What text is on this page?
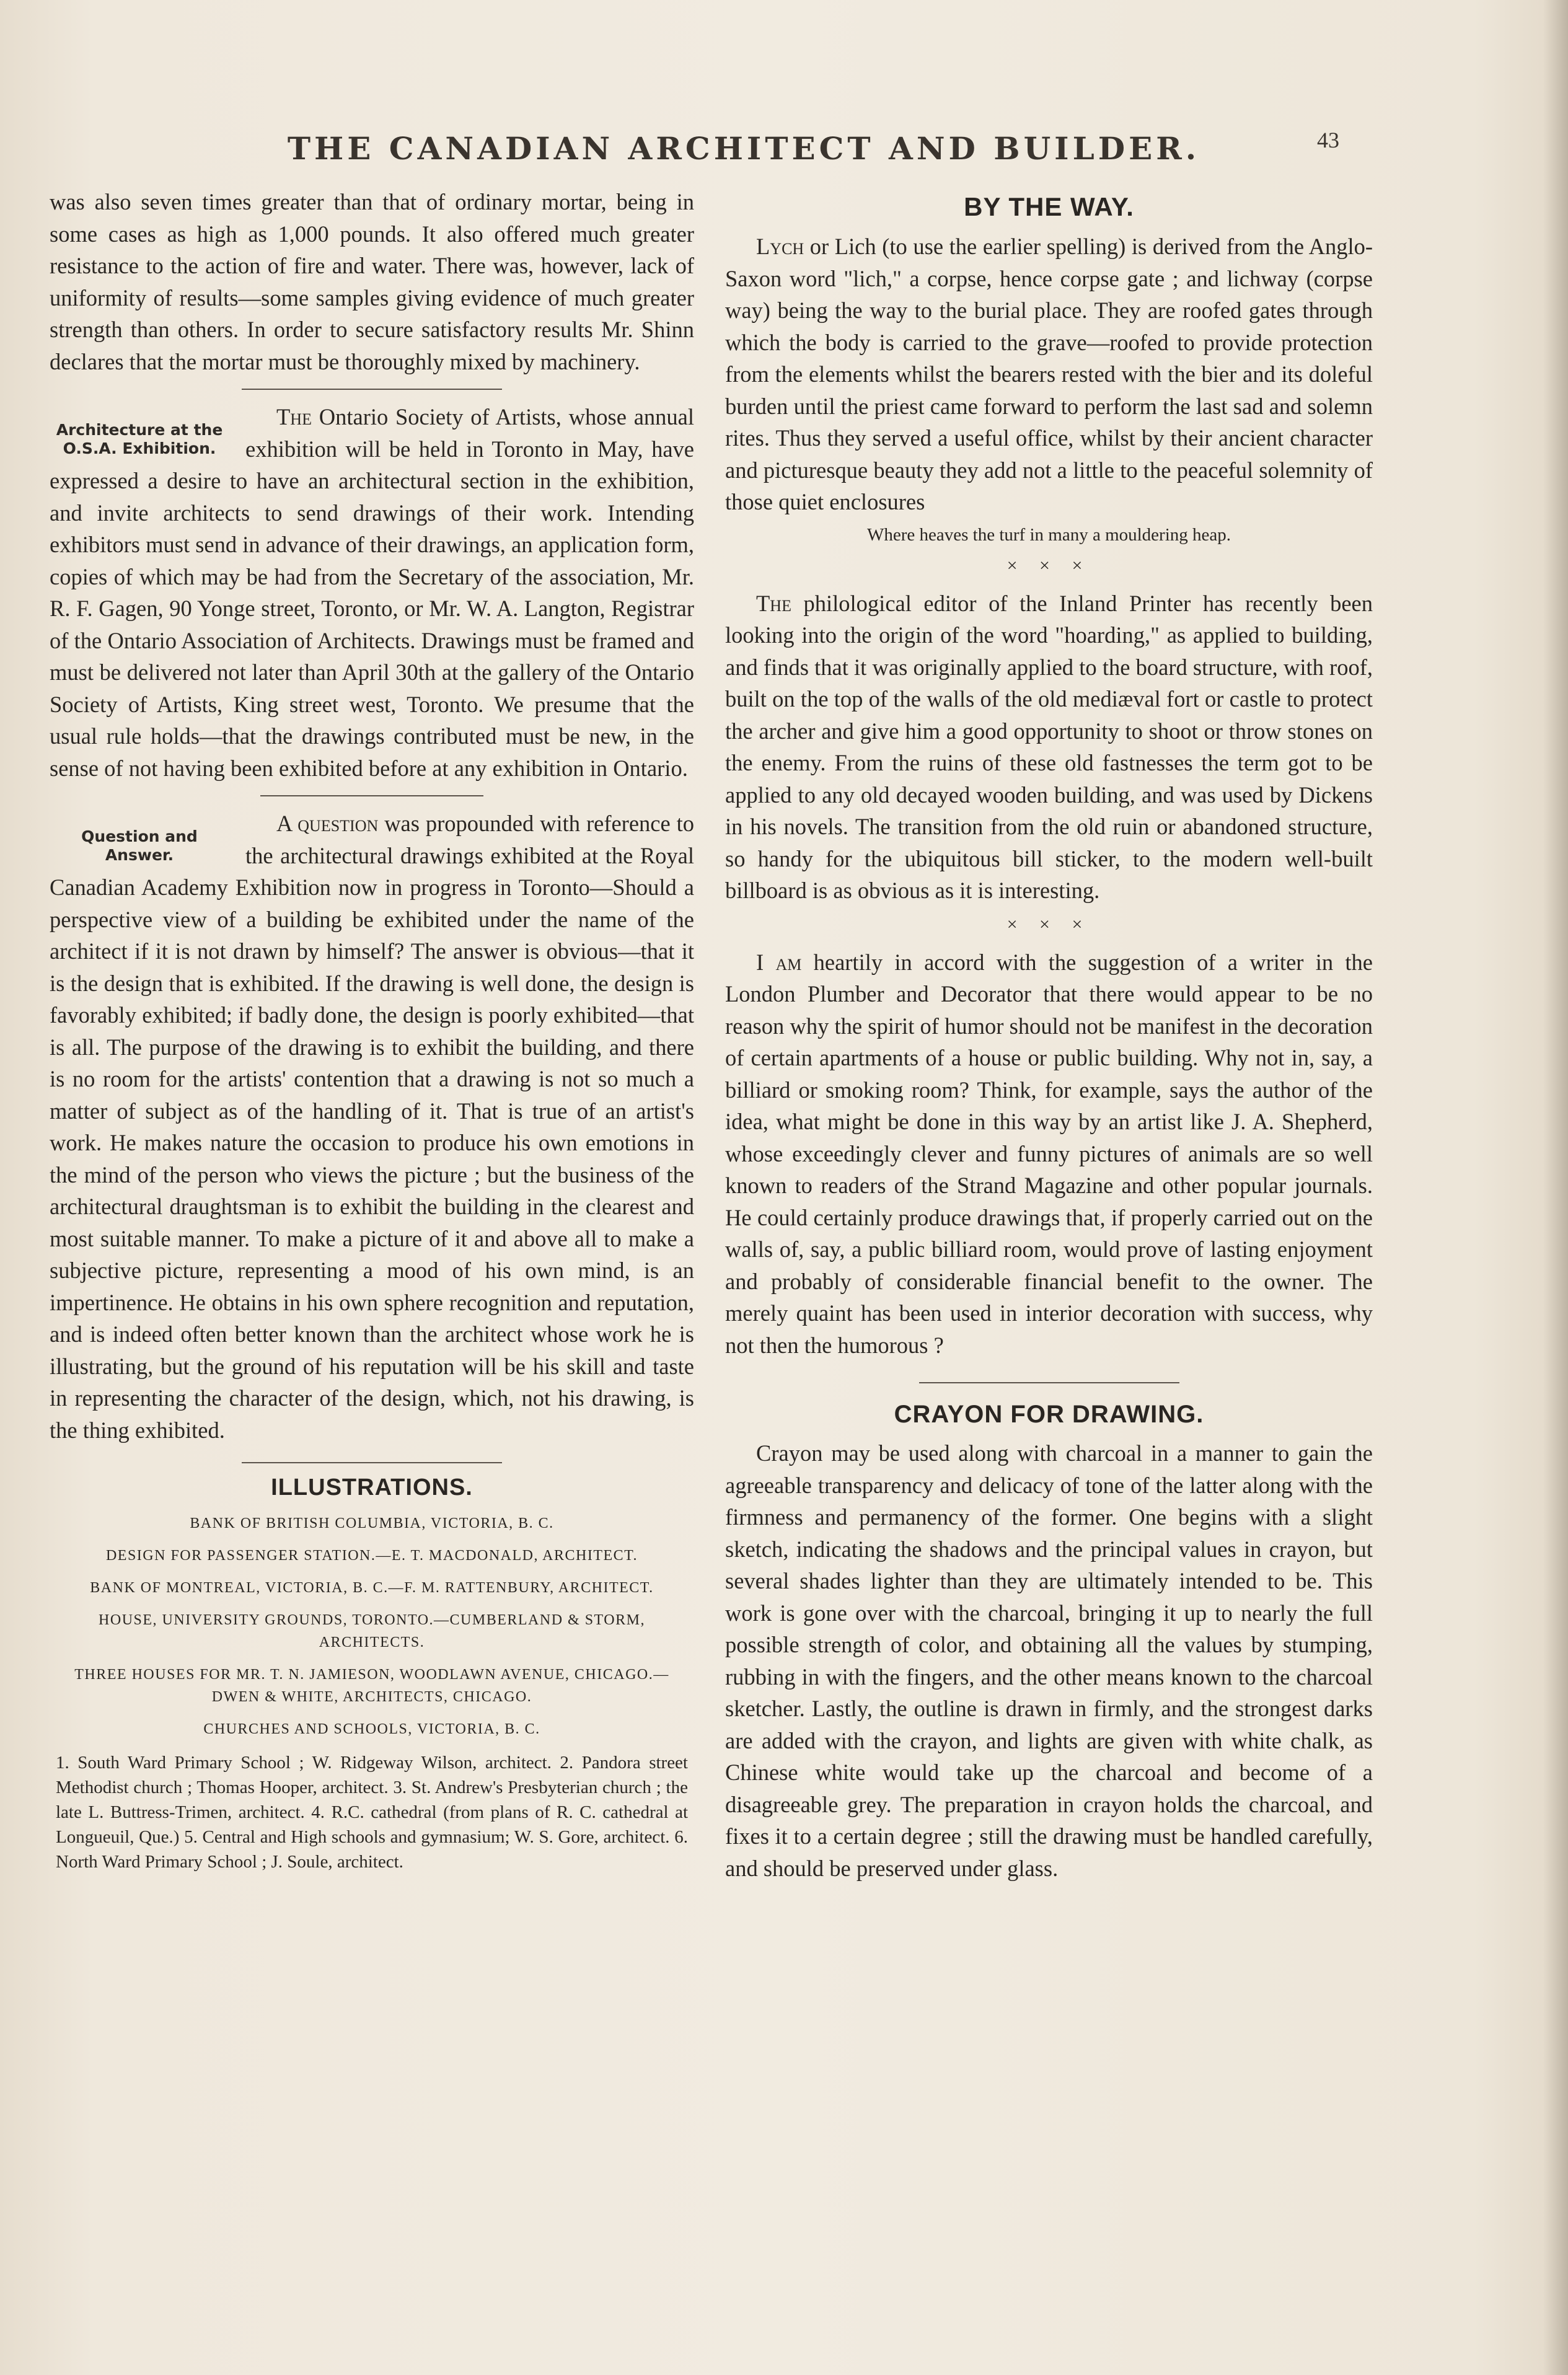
THE CANADIAN ARCHITECT AND BUILDER.	43

was also seven times greater than that of ordinary mortar, being in some cases as high as 1,000 pounds. It also offered much greater resistance to the action of fire and water. There was, however, lack of uniformity of results—some samples giving evidence of much greater strength than others. In order to secure satisfactory results Mr. Shinn declares that the mortar must be thoroughly mixed by machinery.

Architecture at the O.S.A. Exhibition.

The Ontario Society of Artists, whose annual exhibition will be held in Toronto in May, have expressed a desire to have an architectural section in the exhibition, and invite architects to send drawings of their work. Intending exhibitors must send in advance of their drawings, an application form, copies of which may be had from the Secretary of the association, Mr. R. F. Gagen, 90 Yonge street, Toronto, or Mr. W. A. Langton, Registrar of the Ontario Association of Architects. Drawings must be framed and must be delivered not later than April 30th at the gallery of the Ontario Society of Artists, King street west, Toronto. We presume that the usual rule holds—that the drawings contributed must be new, in the sense of not having been exhibited before at any exhibition in Ontario.

Question and Answer.

A question was propounded with reference to the architectural drawings exhibited at the Royal Canadian Academy Exhibition now in progress in Toronto—Should a perspective view of a building be exhibited under the name of the architect if it is not drawn by himself? The answer is obvious—that it is the design that is exhibited. If the drawing is well done, the design is favorably exhibited; if badly done, the design is poorly exhibited—that is all. The purpose of the drawing is to exhibit the building, and there is no room for the artists' contention that a drawing is not so much a matter of subject as of the handling of it. That is true of an artist's work. He makes nature the occasion to produce his own emotions in the mind of the person who views the picture ; but the business of the architectural draughtsman is to exhibit the building in the clearest and most suitable manner. To make a picture of it and above all to make a subjective picture, representing a mood of his own mind, is an impertinence. He obtains in his own sphere recognition and reputation, and is indeed often better known than the architect whose work he is illustrating, but the ground of his reputation will be his skill and taste in representing the character of the design, which, not his drawing, is the thing exhibited.

ILLUSTRATIONS.
BANK OF BRITISH COLUMBIA, VICTORIA, B. C.
DESIGN FOR PASSENGER STATION.—E. T. MACDONALD, ARCHITECT.
BANK OF MONTREAL, VICTORIA, B. C.—F. M. RATTENBURY, ARCHITECT.
HOUSE, UNIVERSITY GROUNDS, TORONTO.—CUMBERLAND & STORM, ARCHITECTS.
THREE HOUSES FOR MR. T. N. JAMIESON, WOODLAWN AVENUE, CHICAGO.—DWEN & WHITE, ARCHITECTS, CHICAGO.
CHURCHES AND SCHOOLS, VICTORIA, B. C.

1. South Ward Primary School ; W. Ridgeway Wilson, architect. 2. Pandora street Methodist church ; Thomas Hooper, architect. 3. St. Andrew's Presbyterian church ; the late L. Buttress-Trimen, architect. 4. R.C. cathedral (from plans of R. C. cathedral at Longueuil, Que.) 5. Central and High schools and gymnasium; W. S. Gore, architect. 6. North Ward Primary School ; J. Soule, architect.

BY THE WAY.

Lych or Lich (to use the earlier spelling) is derived from the Anglo-Saxon word "lich," a corpse, hence corpse gate ; and lichway (corpse way) being the way to the burial place. They are roofed gates through which the body is carried to the grave—roofed to provide protection from the elements whilst the bearers rested with the bier and its doleful burden until the priest came forward to perform the last sad and solemn rites. Thus they served a useful office, whilst by their ancient character and picturesque beauty they add not a little to the peaceful solemnity of those quiet enclosures

Where heaves the turf in many a mouldering heap.
× × ×

The philological editor of the Inland Printer has recently been looking into the origin of the word "hoarding," as applied to building, and finds that it was originally applied to the board structure, with roof, built on the top of the walls of the old mediæval fort or castle to protect the archer and give him a good opportunity to shoot or throw stones on the enemy. From the ruins of these old fastnesses the term got to be applied to any old decayed wooden building, and was used by Dickens in his novels. The transition from the old ruin or abandoned structure, so handy for the ubiquitous bill sticker, to the modern well-built billboard is as obvious as it is interesting.

× × ×

I am heartily in accord with the suggestion of a writer in the London Plumber and Decorator that there would appear to be no reason why the spirit of humor should not be manifest in the decoration of certain apartments of a house or public building. Why not in, say, a billiard or smoking room? Think, for example, says the author of the idea, what might be done in this way by an artist like J. A. Shepherd, whose exceedingly clever and funny pictures of animals are so well known to readers of the Strand Magazine and other popular journals. He could certainly produce drawings that, if properly carried out on the walls of, say, a public billiard room, would prove of lasting enjoyment and probably of considerable financial benefit to the owner. The merely quaint has been used in interior decoration with success, why not then the humorous ?

CRAYON FOR DRAWING.

Crayon may be used along with charcoal in a manner to gain the agreeable transparency and delicacy of tone of the latter along with the firmness and permanency of the former. One begins with a slight sketch, indicating the shadows and the principal values in crayon, but several shades lighter than they are ultimately intended to be. This work is gone over with the charcoal, bringing it up to nearly the full possible strength of color, and obtaining all the values by stumping, rubbing in with the fingers, and the other means known to the charcoal sketcher. Lastly, the outline is drawn in firmly, and the strongest darks are added with the crayon, and lights are given with white chalk, as Chinese white would take up the charcoal and become of a disagreeable grey. The preparation in crayon holds the charcoal, and fixes it to a certain degree ; still the drawing must be handled carefully, and should be preserved under glass.
